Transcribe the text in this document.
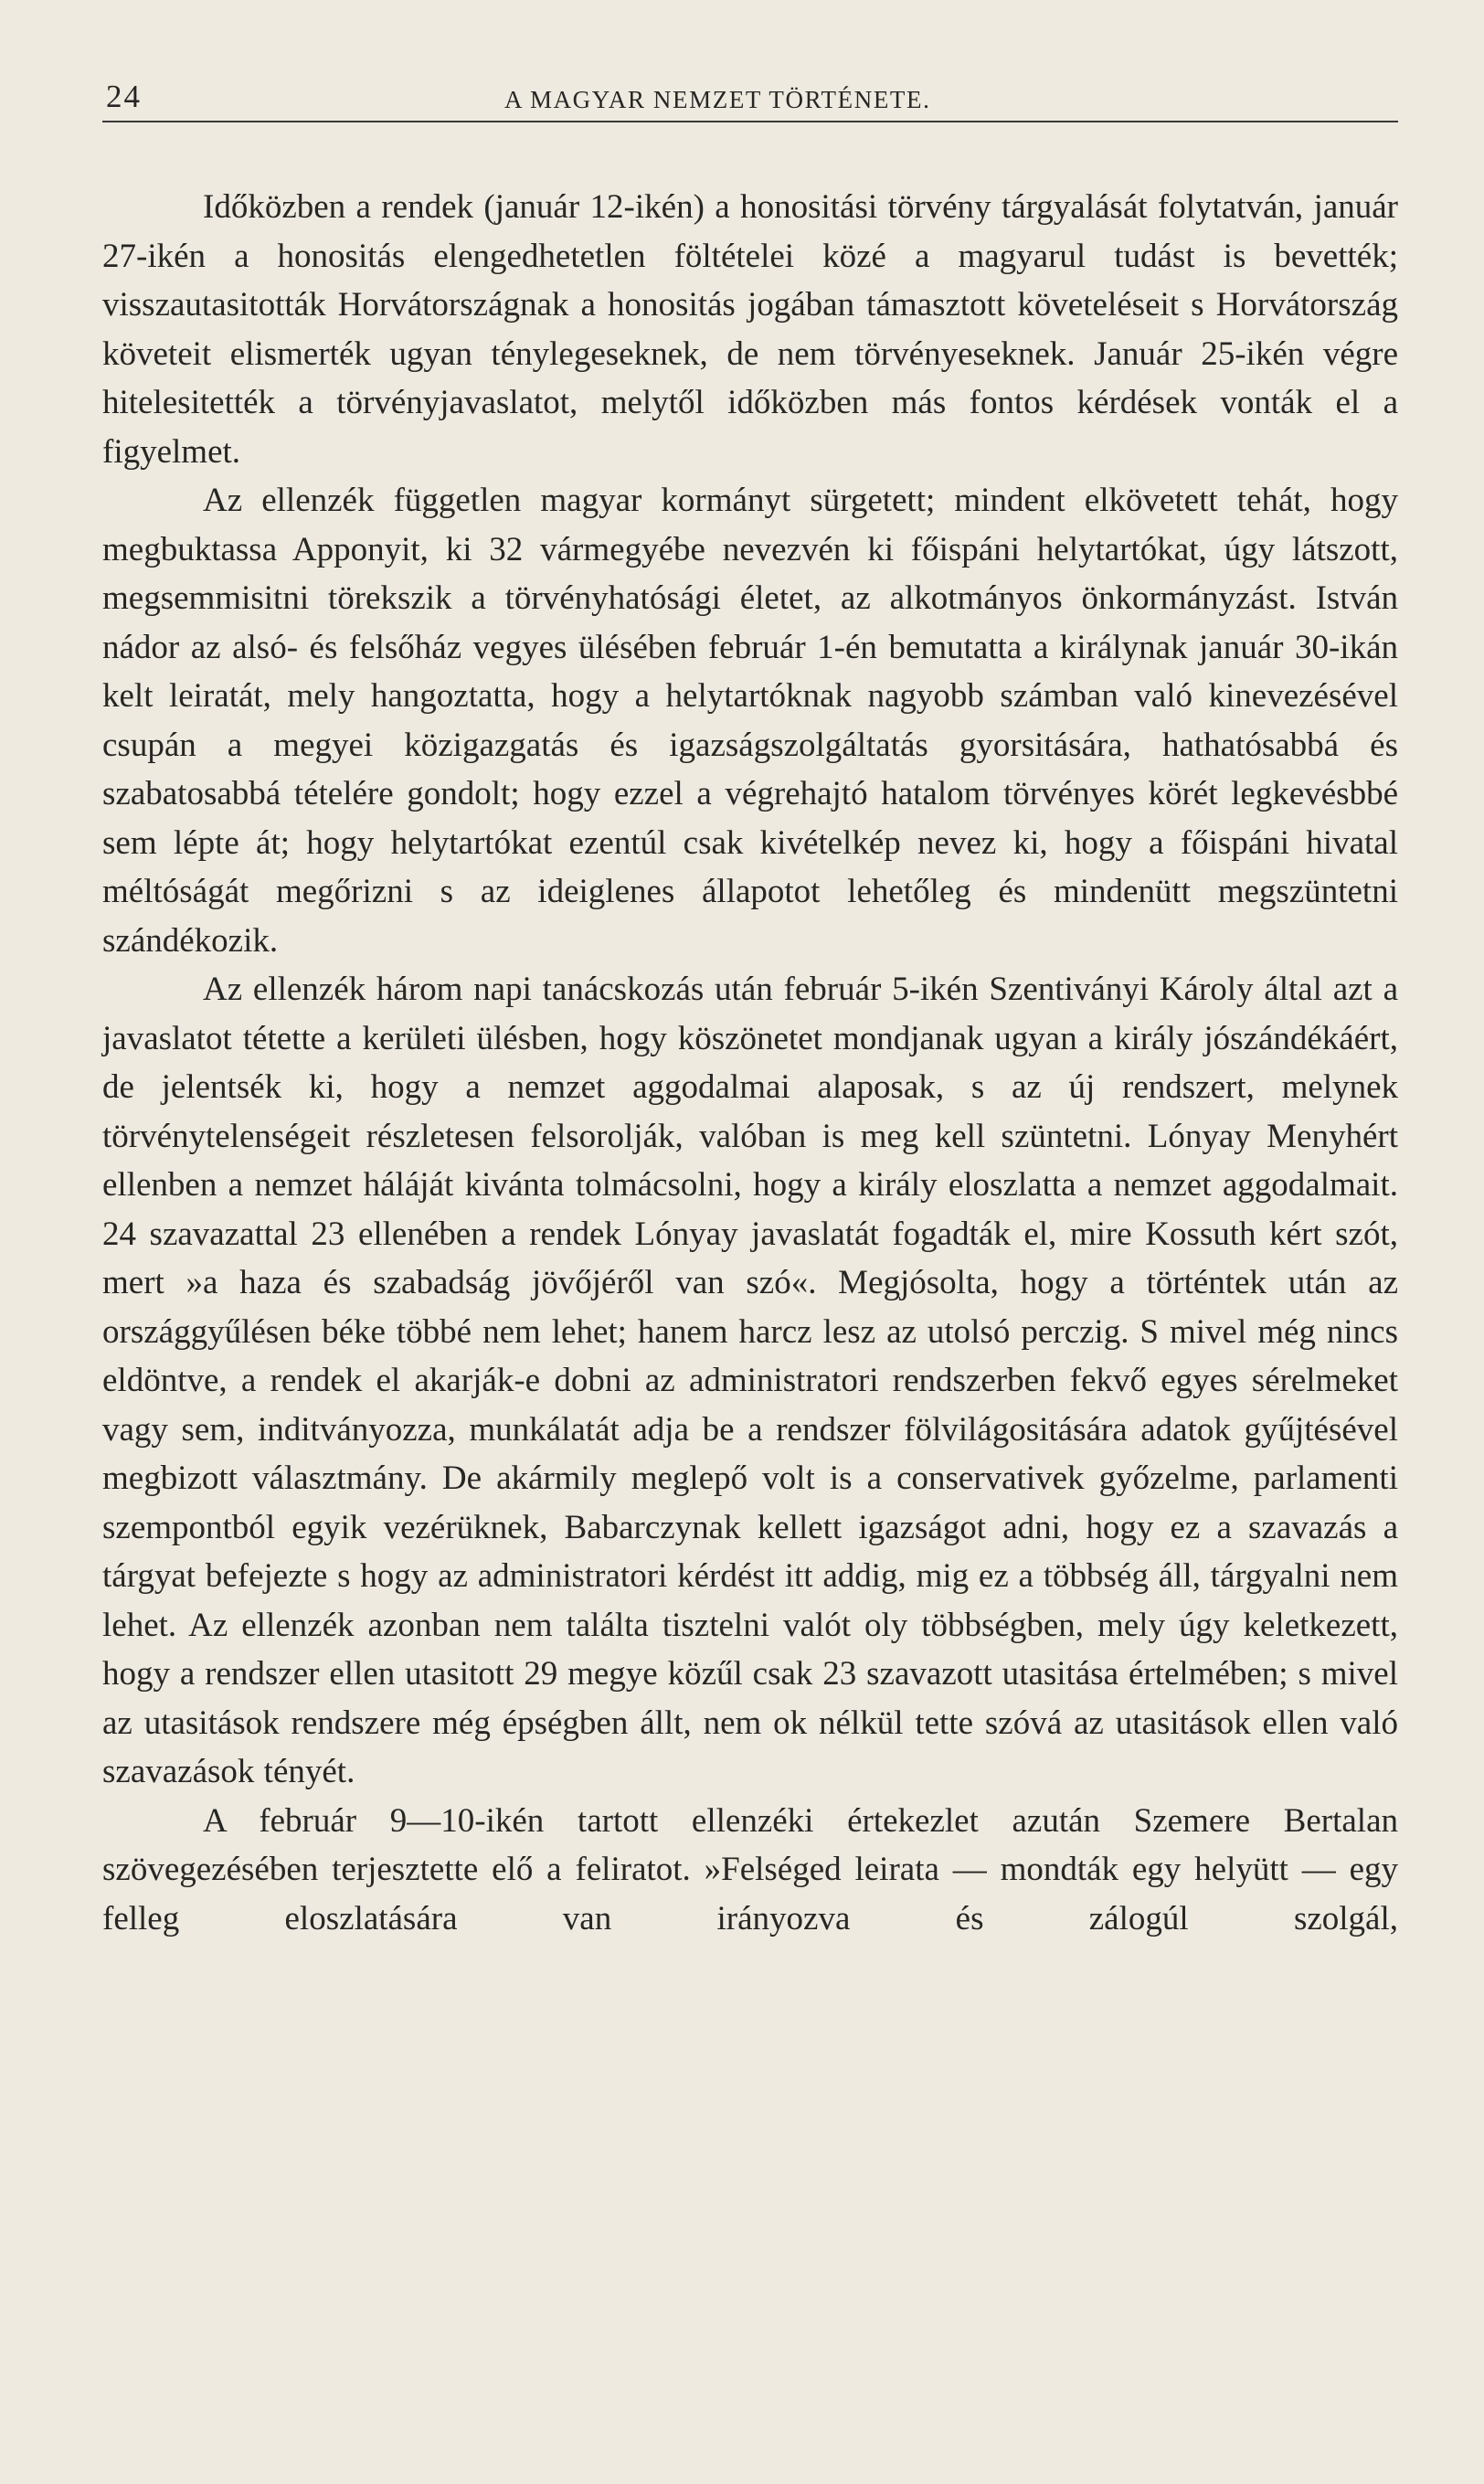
24	A MAGYAR NEMZET TÖRTÉNETE.

Időközben a rendek (január 12-ikén) a honositási törvény tárgyalását folytatván, január 27-ikén a honositás elengedhetetlen föltételei közé a magyarul tudást is bevették; visszautasitották Horvátországnak a honositás jogában támasztott követeléseit s Horvátország követeit elismerték ugyan ténylegeseknek, de nem törvényeseknek. Január 25-ikén végre hitelesitették a törvényjavaslatot, melytől időközben más fontos kérdések vonták el a figyelmet.

Az ellenzék független magyar kormányt sürgetett; mindent elkövetett tehát, hogy megbuktassa Apponyit, ki 32 vármegyébe nevezvén ki főispáni helytartókat, úgy látszott, megsemmisitni törekszik a törvényhatósági életet, az alkotmányos önkormányzást. István nádor az alsó- és felsőház vegyes ülésében február 1-én bemutatta a királynak január 30-ikán kelt leiratát, mely hangoztatta, hogy a helytartóknak nagyobb számban való kinevezésével csupán a megyei közigazgatás és igazságszolgáltatás gyorsitására, hathatósabbá és szabatosabbá tételére gondolt; hogy ezzel a végrehajtó hatalom törvényes körét legkevésbbé sem lépte át; hogy helytartókat ezentúl csak kivételkép nevez ki, hogy a főispáni hivatal méltóságát megőrizni s az ideiglenes állapotot lehetőleg és mindenütt megszüntetni szándékozik.

Az ellenzék három napi tanácskozás után február 5-ikén Szentiványi Károly által azt a javaslatot tétette a kerületi ülésben, hogy köszönetet mondjanak ugyan a király jószándékáért, de jelentsék ki, hogy a nemzet aggodalmai alaposak, s az új rendszert, melynek törvénytelenségeit részletesen felsorolják, valóban is meg kell szüntetni. Lónyay Menyhért ellenben a nemzet háláját kivánta tolmácsolni, hogy a király eloszlatta a nemzet aggodalmait. 24 szavazattal 23 ellenében a rendek Lónyay javaslatát fogadták el, mire Kossuth kért szót, mert »a haza és szabadság jövőjéről van szó«. Megjósolta, hogy a történtek után az országgyűlésen béke többé nem lehet; hanem harcz lesz az utolsó perczig. S mivel még nincs eldöntve, a rendek el akarják-e dobni az administratori rendszerben fekvő egyes sérelmeket vagy sem, inditványozza, munkálatát adja be a rendszer fölvilágositására adatok gyűjtésével megbizott választmány. De akármily meglepő volt is a conservativek győzelme, parlamenti szempontból egyik vezérüknek, Babarczynak kellett igazságot adni, hogy ez a szavazás a tárgyat befejezte s hogy az administratori kérdést itt addig, mig ez a többség áll, tárgyalni nem lehet. Az ellenzék azonban nem találta tisztelni valót oly többségben, mely úgy keletkezett, hogy a rendszer ellen utasitott 29 megye közűl csak 23 szavazott utasitása értelmében; s mivel az utasitások rendszere még épségben állt, nem ok nélkül tette szóvá az utasitások ellen való szavazások tényét.

A február 9—10-ikén tartott ellenzéki értekezlet azután Szemere Bertalan szövegezésében terjesztette elő a feliratot. »Felséged leirata — mondták egy helyütt — egy felleg eloszlatására van irányozva és zálogúl szolgál,
